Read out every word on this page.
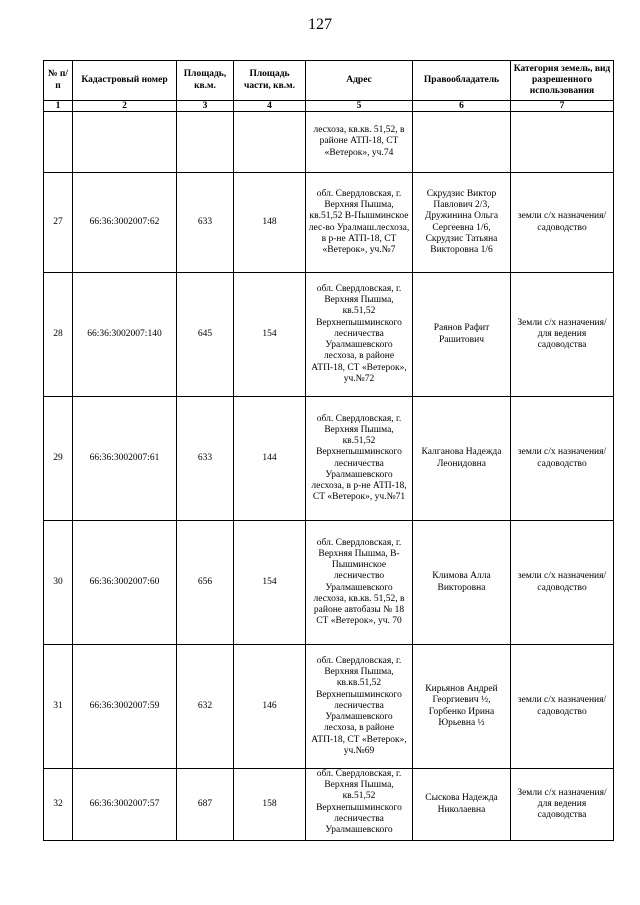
127
№ п/п	Кадастровый номер	Площадь, кв.м.	Площадь части, кв.м.	Адрес	Правообладатель	Категория земель, вид разрешенного использования
1	2	3	4	5	6	7
				лесхоза, кв.кв. 51,52, в районе АТП-18, СТ «Ветерок», уч.74		
27	66:36:3002007:62	633	148	обл. Свердловская, г. Верхняя Пышма, кв.51,52 В-Пышминское лес-во Уралмаш.лесхоза, в р-не АТП-18, СТ «Ветерок», уч.№7	Скрудзис Виктор Павлович 2/3, Дружинина Ольга Сергеевна 1/6, Скрудзис Татьяна Викторовна 1/6	земли с/х назначения/ садоводство
28	66:36:3002007:140	645	154	обл. Свердловская, г. Верхняя Пышма, кв.51,52 Верхнепышминского лесничества Уралмашевского лесхоза, в районе АТП-18, СТ «Ветерок», уч.№72	Раянов Рафит Рашитович	Земли с/х назначения/ для ведения садоводства
29	66:36:3002007:61	633	144	обл. Свердловская, г. Верхняя Пышма, кв.51,52 Верхнепышминского лесничества Уралмашевского лесхоза, в р-не АТП-18, СТ «Ветерок», уч.№71	Калганова Надежда Леонидовна	земли с/х назначения/ садоводство
30	66:36:3002007:60	656	154	обл. Свердловская, г. Верхняя Пышма, В-Пышминское лесничество Уралмашевского лесхоза, кв.кв. 51,52, в районе автобазы № 18 СТ «Ветерок», уч. 70	Климова Алла Викторовна	земли с/х назначения/ садоводство
31	66:36:3002007:59	632	146	обл. Свердловская, г. Верхняя Пышма, кв.кв.51,52 Верхнепышминского лесничества Уралмашевского лесхоза, в районе АТП-18, СТ «Ветерок», уч.№69	Кирьянов Андрей Георгиевич ½, Горбенко Ирина Юрьевна ½	земли с/х назначения/ садоводство
32	66:36:3002007:57	687	158	обл. Свердловская, г. Верхняя Пышма, кв.51,52 Верхнепышминского лесничества Уралмашевского	Сыскова Надежда Николаевна	Земли с/х назначения/ для ведения садоводства
